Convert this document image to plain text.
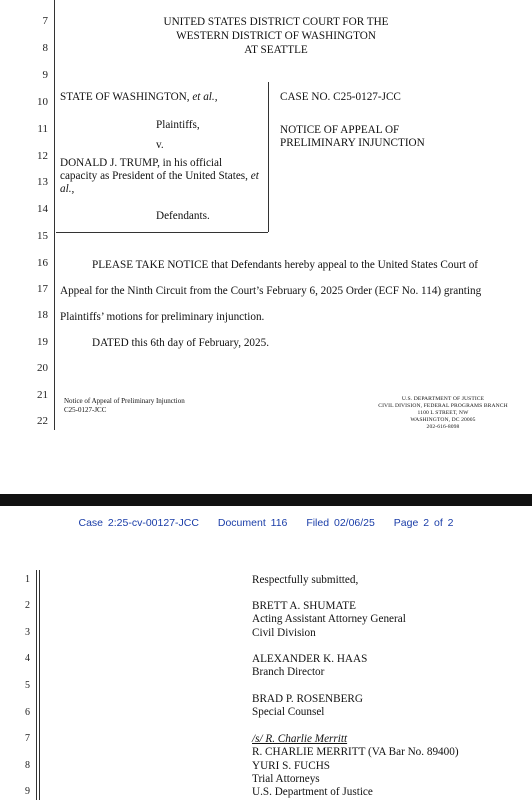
7
8
9
10
11
12
13
14
15
16
17
18
19
20
21
22
UNITED STATES DISTRICT COURT FOR THE
WESTERN DISTRICT OF WASHINGTON
AT SEATTLE
STATE OF WASHINGTON, et al.,
Plaintiffs,
v.
DONALD J. TRUMP, in his official
capacity as President of the United States, et
al.,
Defendants.
CASE NO. C25-0127-JCC
NOTICE OF APPEAL OF
PRELIMINARY INJUNCTION
PLEASE TAKE NOTICE that Defendants hereby appeal to the United States Court of
Appeal for the Ninth Circuit from the Court’s February 6, 2025 Order (ECF No. 114) granting
Plaintiffs’ motions for preliminary injunction.
DATED this 6th day of February, 2025.
Notice of Appeal of Preliminary Injunction
C25-0127-JCC
U.S. DEPARTMENT OF JUSTICE
CIVIL DIVISION, FEDERAL PROGRAMS BRANCH
1100 L STREET, NW
WASHINGTON, DC 20005
202-616-8098
Case 2:25-cv-00127-JCC Document 116 Filed 02/06/25 Page 2 of 2
1
2
3
4
5
6
7
8
9
Respectfully submitted,
BRETT A. SHUMATE
Acting Assistant Attorney General
Civil Division
ALEXANDER K. HAAS
Branch Director
BRAD P. ROSENBERG
Special Counsel
/s/ R. Charlie Merritt
R. CHARLIE MERRITT (VA Bar No. 89400)
YURI S. FUCHS
Trial Attorneys
U.S. Department of Justice
